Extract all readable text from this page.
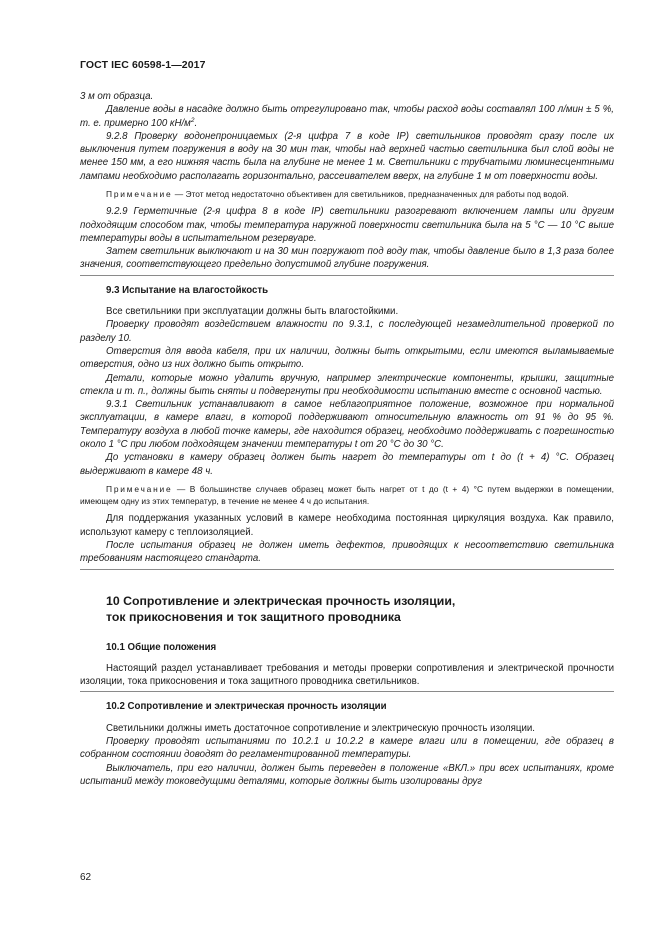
ГОСТ IEC 60598-1—2017

3 м от образца.

Давление воды в насадке должно быть отрегулировано так, чтобы расход воды составлял 100 л/мин ± 5 %, т. е. примерно 100 $кН/м^2$.

9.2.8 Проверку водонепроницаемых (2-я цифра 7 в коде IP) светильников проводят сразу после их выключения путем погружения в воду на 30 мин так, чтобы над верхней частью светильника был слой воды не менее 150 мм, а его нижняя часть была на глубине не менее 1 м. Светильники с трубчатыми люминесцентными лампами необходимо располагать горизонтально, рассеивателем вверх, на глубине 1 м от поверхности воды.

Примечание — Этот метод недостаточно объективен для светильников, предназначенных для работы под водой.

9.2.9 Герметичные (2-я цифра 8 в коде IP) светильники разогревают включением лампы или другим подходящим способом так, чтобы температура наружной поверхности светильника была на 5 °С — 10 °С выше температуры воды в испытательном резервуаре.

Затем светильник выключают и на 30 мин погружают под воду так, чтобы давление было в 1,3 раза более значения, соответствующего предельно допустимой глубине погружения.

9.3 Испытание на влагостойкость

Все светильники при эксплуатации должны быть влагостойкими.

Проверку проводят воздействием влажности по 9.3.1, с последующей незамедлительной проверкой по разделу 10.

Отверстия для ввода кабеля, при их наличии, должны быть открытыми, если имеются выламываемые отверстия, одно из них должно быть открыто.

Детали, которые можно удалить вручную, например электрические компоненты, крышки, защитные стекла и т. п., должны быть сняты и подвергнуты при необходимости испытанию вместе с основной частью.

9.3.1 Светильник устанавливают в самое неблагоприятное положение, возможное при нормальной эксплуатации, в камере влаги, в которой поддерживают относительную влажность от 91 % до 95 %. Температуру воздуха в любой точке камеры, где находится образец, необходимо поддерживать с погрешностью около 1 °С при любом подходящем значении температуры t от 20 °С до 30 °С.

До установки в камеру образец должен быть нагрет до температуры от t до (t + 4) °С. Образец выдерживают в камере 48 ч.

Примечание — В большинстве случаев образец может быть нагрет от t до (t + 4) °С путем выдержки в помещении, имеющем одну из этих температур, в течение не менее 4 ч до испытания.

Для поддержания указанных условий в камере необходима постоянная циркуляция воздуха. Как правило, используют камеру с теплоизоляцией.

После испытания образец не должен иметь дефектов, приводящих к несоответствию светильника требованиям настоящего стандарта.

10 Сопротивление и электрическая прочность изоляции,

ток прикосновения и ток защитного проводника

10.1 Общие положения

Настоящий раздел устанавливает требования и методы проверки сопротивления и электрической прочности изоляции, тока прикосновения и тока защитного проводника светильников.

10.2 Сопротивление и электрическая прочность изоляции

Светильники должны иметь достаточное сопротивление и электрическую прочность изоляции.

Проверку проводят испытаниями по 10.2.1 и 10.2.2 в камере влаги или в помещении, где образец в собранном состоянии доводят до регламентированной температуры.

Выключатель, при его наличии, должен быть переведен в положение «ВКЛ.» при всех испытаниях, кроме испытаний между токоведущими деталями, которые должны быть изолированы друг

62
